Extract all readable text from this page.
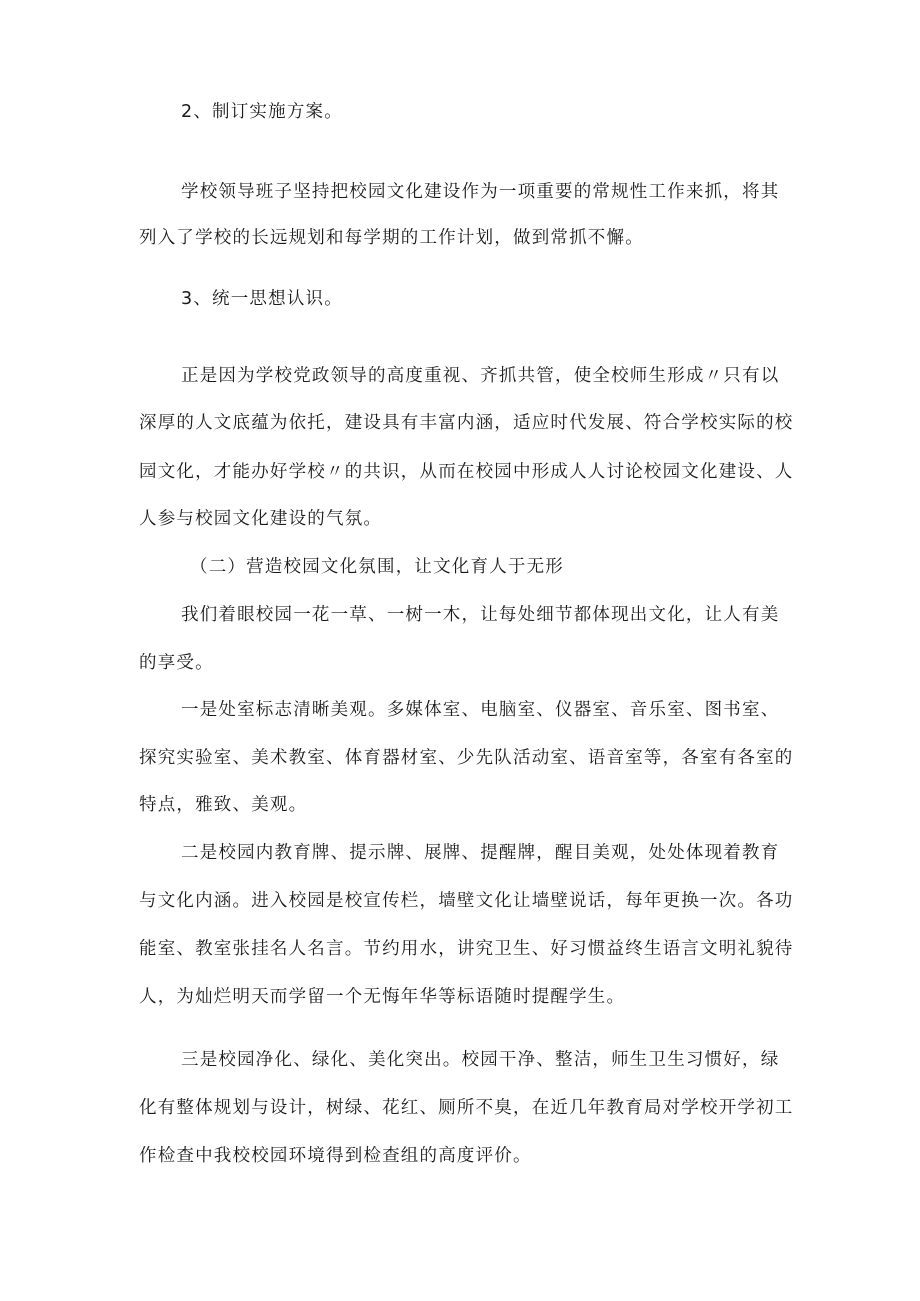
2、制订实施方案。
学校领导班子坚持把校园文化建设作为一项重要的常规性工作来抓，将其
列入了学校的长远规划和每学期的工作计划，做到常抓不懈。
3、统一思想认识。
正是因为学校党政领导的高度重视、齐抓共管，使全校师生形成〃只有以
深厚的人文底蕴为依托，建设具有丰富内涵，适应时代发展、符合学校实际的校
园文化，才能办好学校〃的共识，从而在校园中形成人人讨论校园文化建设、人
人参与校园文化建设的气氛。
（二）营造校园文化氛围，让文化育人于无形
我们着眼校园一花一草、一树一木，让每处细节都体现出文化，让人有美
的享受。
一是处室标志清晰美观。多媒体室、电脑室、仪器室、音乐室、图书室、
探究实验室、美术教室、体育器材室、少先队活动室、语音室等，各室有各室的
特点，雅致、美观。
二是校园内教育牌、提示牌、展牌、提醒牌，醒目美观，处处体现着教育
与文化内涵。进入校园是校宣传栏，墙壁文化让墙壁说话，每年更换一次。各功
能室、教室张挂名人名言。节约用水，讲究卫生、好习惯益终生语言文明礼貌待
人，为灿烂明天而学留一个无悔年华等标语随时提醒学生。
三是校园净化、绿化、美化突出。校园干净、整洁，师生卫生习惯好，绿
化有整体规划与设计，树绿、花红、厕所不臭，在近几年教育局对学校开学初工
作检查中我校校园环境得到检查组的高度评价。
